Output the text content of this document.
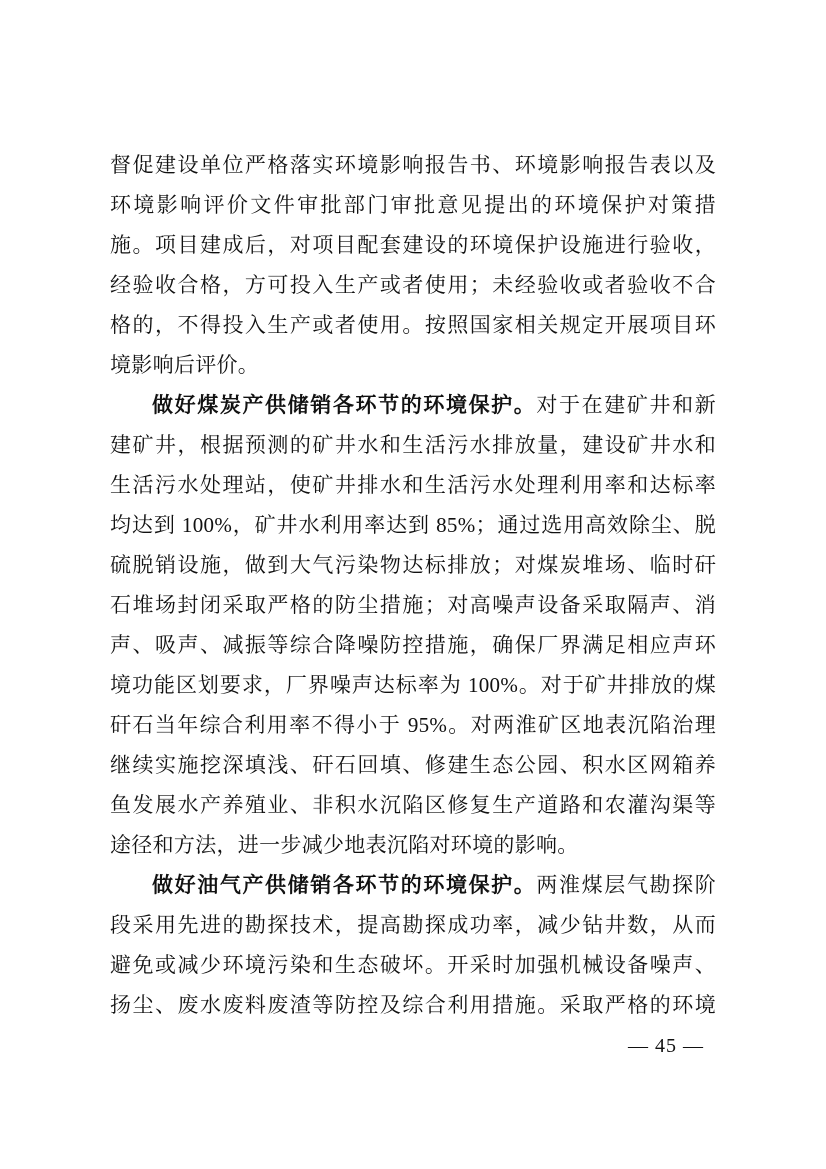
督促建设单位严格落实环境影响报告书、环境影响报告表以及
环境影响评价文件审批部门审批意见提出的环境保护对策措
施。项目建成后，对项目配套建设的环境保护设施进行验收，
经验收合格，方可投入生产或者使用；未经验收或者验收不合
格的，不得投入生产或者使用。按照国家相关规定开展项目环
境影响后评价。
做好煤炭产供储销各环节的环境保护。对于在建矿井和新
建矿井，根据预测的矿井水和生活污水排放量，建设矿井水和
生活污水处理站，使矿井排水和生活污水处理利用率和达标率
均达到 100%，矿井水利用率达到 85%；通过选用高效除尘、脱
硫脱销设施，做到大气污染物达标排放；对煤炭堆场、临时矸
石堆场封闭采取严格的防尘措施；对高噪声设备采取隔声、消
声、吸声、减振等综合降噪防控措施，确保厂界满足相应声环
境功能区划要求，厂界噪声达标率为 100%。对于矿井排放的煤
矸石当年综合利用率不得小于 95%。对两淮矿区地表沉陷治理
继续实施挖深填浅、矸石回填、修建生态公园、积水区网箱养
鱼发展水产养殖业、非积水沉陷区修复生产道路和农灌沟渠等
途径和方法，进一步减少地表沉陷对环境的影响。
做好油气产供储销各环节的环境保护。两淮煤层气勘探阶
段采用先进的勘探技术，提高勘探成功率，减少钻井数，从而
避免或减少环境污染和生态破坏。开采时加强机械设备噪声、
扬尘、废水废料废渣等防控及综合利用措施。采取严格的环境
— 45 —
